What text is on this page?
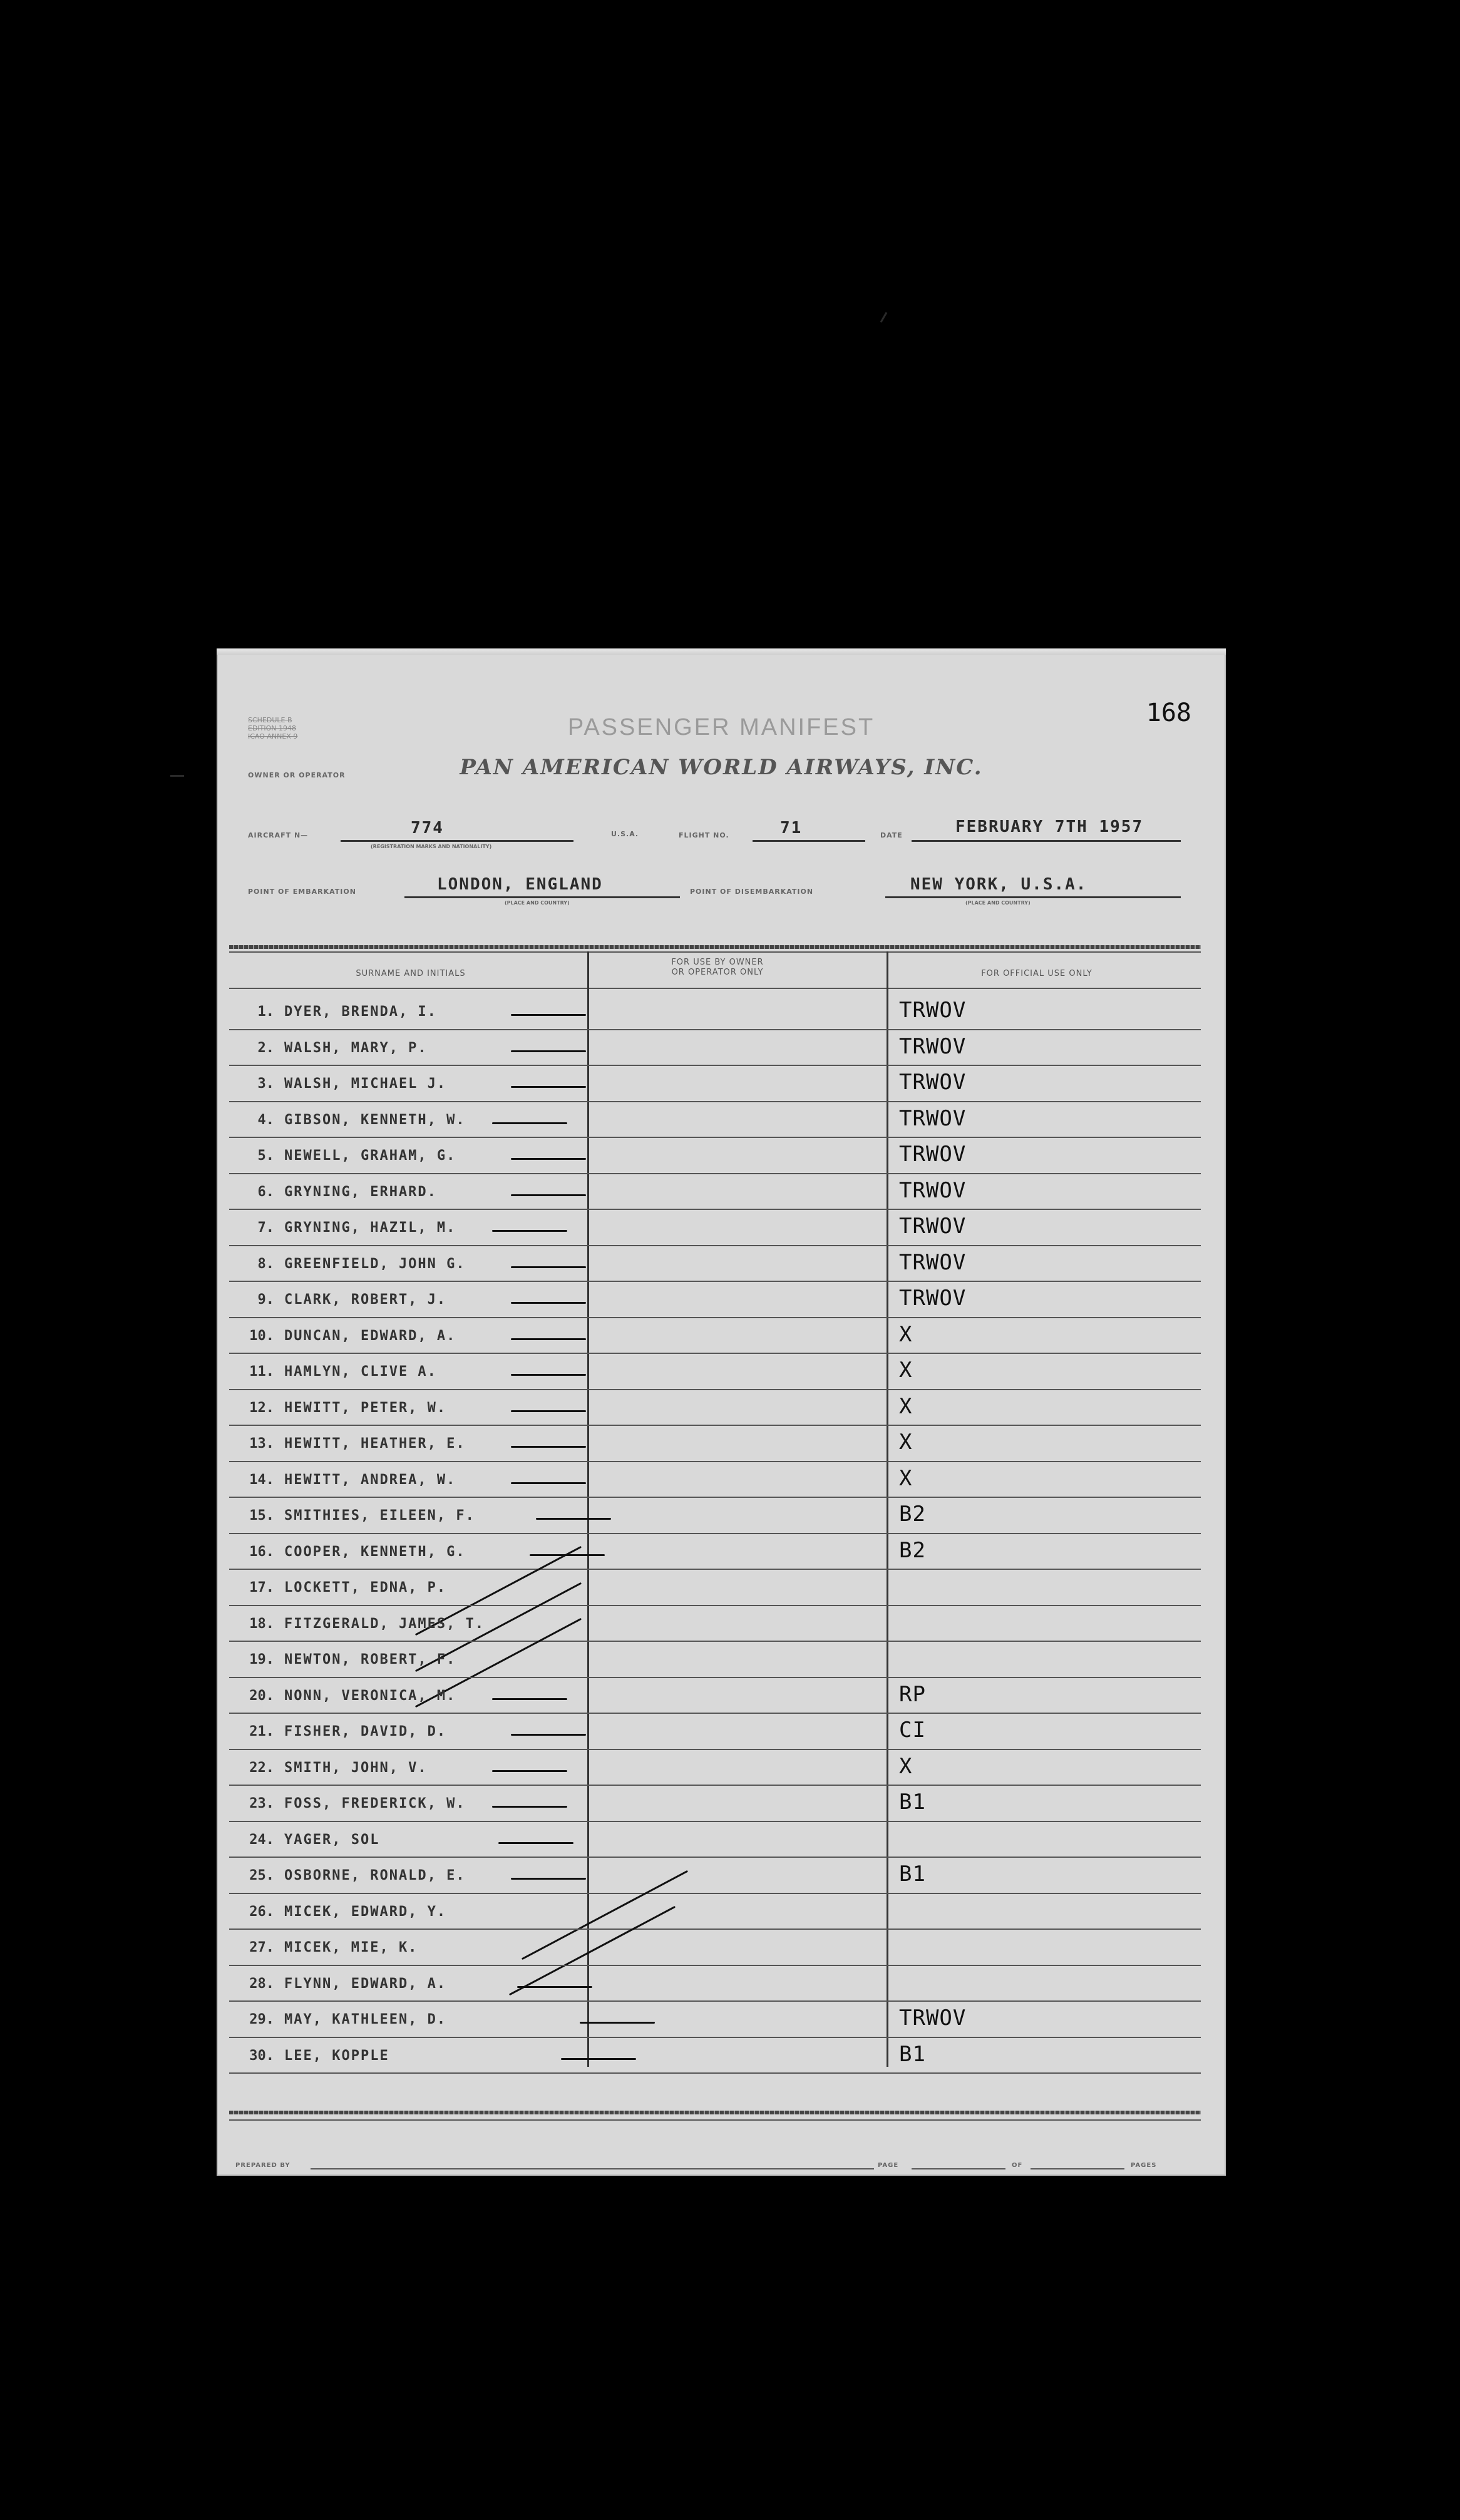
SCHEDULE B
EDITION 1948
ICAO ANNEX 9	PASSENGER MANIFEST	168
PAN AMERICAN WORLD AIRWAYS, INC.
OWNER OR OPERATOR
AIRCRAFT N—	774
(REGISTRATION MARKS AND NATIONALITY)
U.S.A.	FLIGHT NO.	71	DATE	FEBRUARY 7TH 1957
POINT OF EMBARKATION	LONDON, ENGLAND
(PLACE AND COUNTRY)
POINT OF DISEMBARKATION	NEW YORK, U.S.A.
(PLACE AND COUNTRY)
SURNAME AND INITIALS
FOR USE BY OWNER
OR OPERATOR ONLY	FOR OFFICIAL USE ONLY
1. DYER, BRENDA, I.	TRWOV
2. WALSH, MARY, P.	TRWOV
3. WALSH, MICHAEL J.	TRWOV
4. GIBSON, KENNETH, W.	TRWOV
5. NEWELL, GRAHAM, G.	TRWOV
6. GRYNING, ERHARD.	TRWOV
7. GRYNING, HAZIL, M.	TRWOV
8. GREENFIELD, JOHN G.	TRWOV
9. CLARK, ROBERT, J.	TRWOV
10. DUNCAN, EDWARD, A.	X
11. HAMLYN, CLIVE A.	X
12. HEWITT, PETER, W.	X
13. HEWITT, HEATHER, E.	X
14. HEWITT, ANDREA, W.	X
15. SMITHIES, EILEEN, F.	B2
16. COOPER, KENNETH, G.	B2
17. LOCKETT, EDNA, P.
18. FITZGERALD, JAMES, T.
19. NEWTON, ROBERT, F.
20. NONN, VERONICA, M.	RP
21. FISHER, DAVID, D.	CI
22. SMITH, JOHN, V.	X
23. FOSS, FREDERICK, W.	B1
24. YAGER, SOL
25. OSBORNE, RONALD, E.	B1
26. MICEK, EDWARD, Y.
27. MICEK, MIE, K.
28. FLYNN, EDWARD, A.
29. MAY, KATHLEEN, D.	TRWOV
30. LEE, KOPPLE	B1
PREPARED BY	PAGE	OF	PAGES
